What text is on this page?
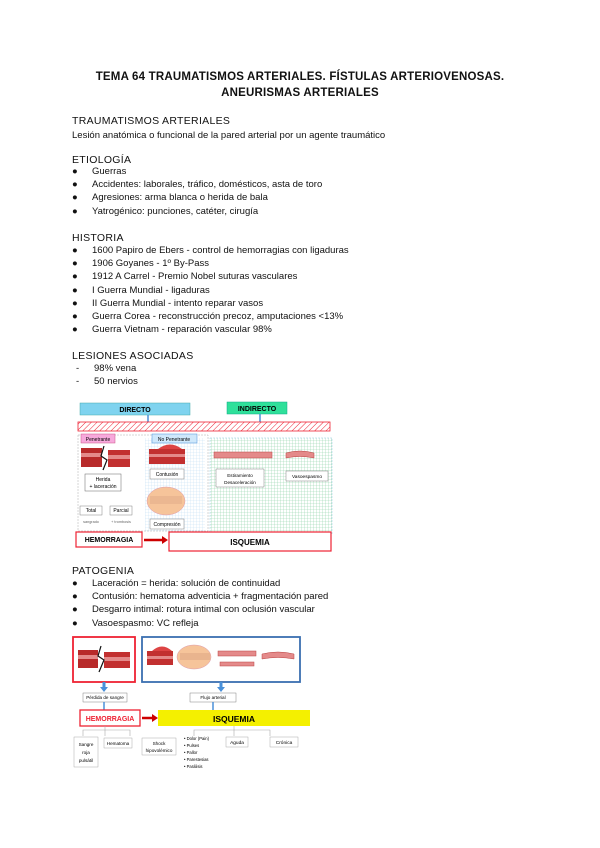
TEMA 64 TRAUMATISMOS ARTERIALES. FÍSTULAS ARTERIOVENOSAS.
ANEURISMAS ARTERIALES
TRAUMATISMOS ARTERIALES
Lesión anatómica o funcional de la pared arterial por un agente traumático
ETIOLOGÍA
● Guerras
● Accidentes: laborales, tráfico, domésticos, asta de toro
● Agresiones: arma blanca o herida de bala
● Yatrogénico: punciones, catéter, cirugía
HISTORIA
● 1600 Papiro de Ebers - control de hemorragias con ligaduras
● 1906 Goyanes - 1º By-Pass
● 1912 A Carrel - Premio Nobel suturas vasculares
● I Guerra Mundial - ligaduras
● II Guerra Mundial - intento reparar vasos
● Guerra Corea - reconstrucción precoz, amputaciones <13%
● Guerra Vietnam - reparación vascular 98%
LESIONES ASOCIADAS
- 98% vena
- 50 nervios
DIRECTO	INDIRECTO
Penetrante	No Penetrante
Herida
+ laceración
Total
sangrado
Parcial
+ trombosis
Contusión
Compresión
Estiramiento
Desaceleración
Vasoespasmo
HEMORRAGIA	ISQUEMIA
PATOGENIA
● Laceración = herida: solución de continuidad
● Contusión: hematoma adventicia + fragmentación pared
● Desgarro intimal: rotura intimal con oclusión vascular
● Vasoespasmo: VC refleja
Pérdida de sangre	Flujo arterial
HEMORRAGIA	ISQUEMIA
Sangre
roja
pulsátil
Hematoma	Shock
hipovolémico
• Dolor (Pain)
• Pulses
• Pallor
• Parestesias
• Parálisis
Aguda	Crónica
